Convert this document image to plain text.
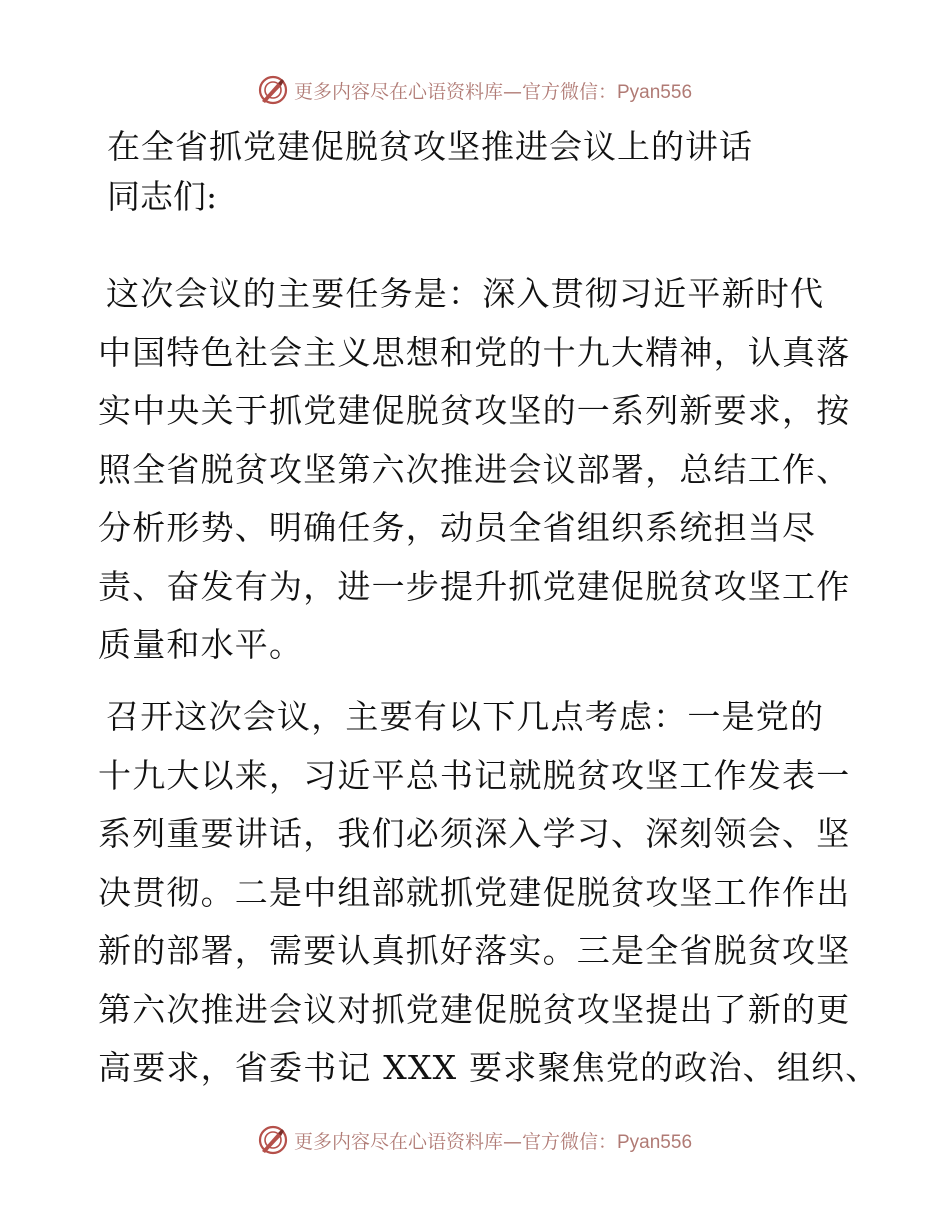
更多内容尽在心语资料库—官方微信：Pyan556
在全省抓党建促脱贫攻坚推进会议上的讲话

同志们:

这次会议的主要任务是：深入贯彻习近平新时代
中国特色社会主义思想和党的十九大精神，认真落
实中央关于抓党建促脱贫攻坚的一系列新要求，按
照全省脱贫攻坚第六次推进会议部署，总结工作、
分析形势、明确任务，动员全省组织系统担当尽
责、奋发有为，进一步提升抓党建促脱贫攻坚工作
质量和水平。
召开这次会议，主要有以下几点考虑：一是党的
十九大以来，习近平总书记就脱贫攻坚工作发表一
系列重要讲话，我们必须深入学习、深刻领会、坚
决贯彻。二是中组部就抓党建促脱贫攻坚工作作出
新的部署，需要认真抓好落实。三是全省脱贫攻坚
第六次推进会议对抓党建促脱贫攻坚提出了新的更
高要求，省委书记 XXX 要求聚焦党的政治、组织、
更多内容尽在心语资料库—官方微信：Pyan556
